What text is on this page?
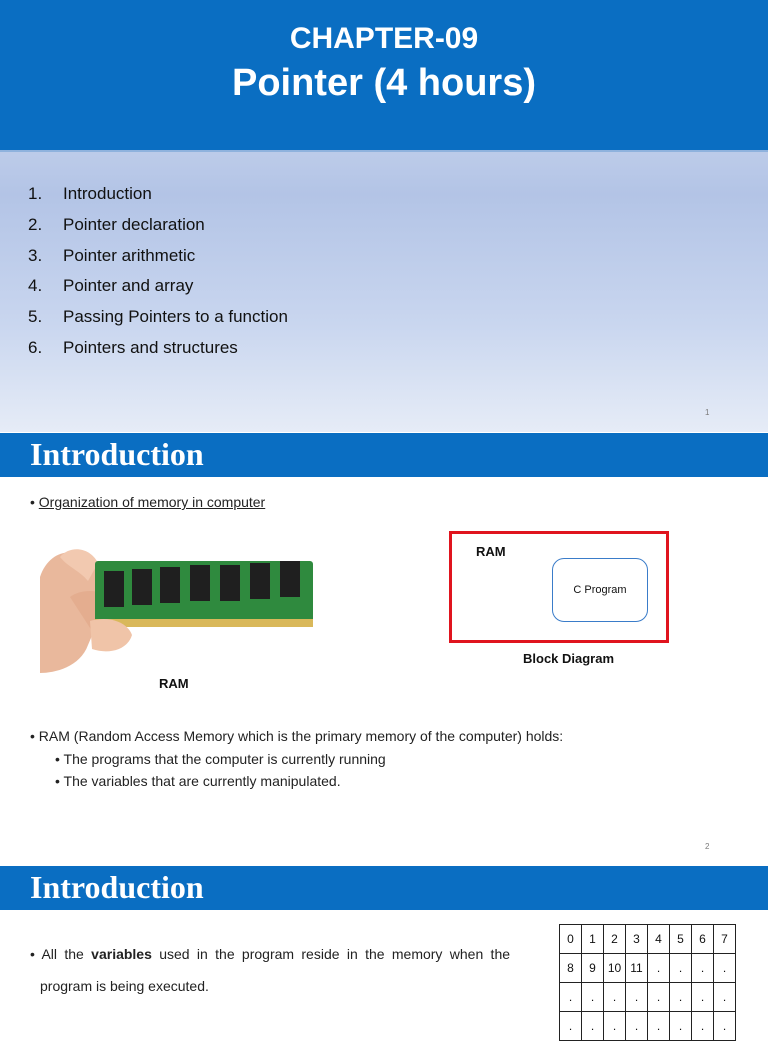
CHAPTER-09
Pointer (4 hours)
1.	Introduction
2.	Pointer declaration
3.	Pointer arithmetic
4.	Pointer and array
5.	Passing Pointers to a function
6.	Pointers and structures
1
Introduction
• Organization of memory in computer
RAM
RAM
C Program
Block Diagram
• RAM (Random Access Memory which is the primary memory of the computer) holds:
• The programs that the computer is currently running
• The variables that are currently manipulated.
2
Introduction
• All the variables used in the program reside in the memory when the
program is being executed.
0	1	2	3	4	5	6	7
8	9	10	11	.	.	.	.
.	.	.	.	.	.	.	.
.	.	.	.	.	.	.	.
